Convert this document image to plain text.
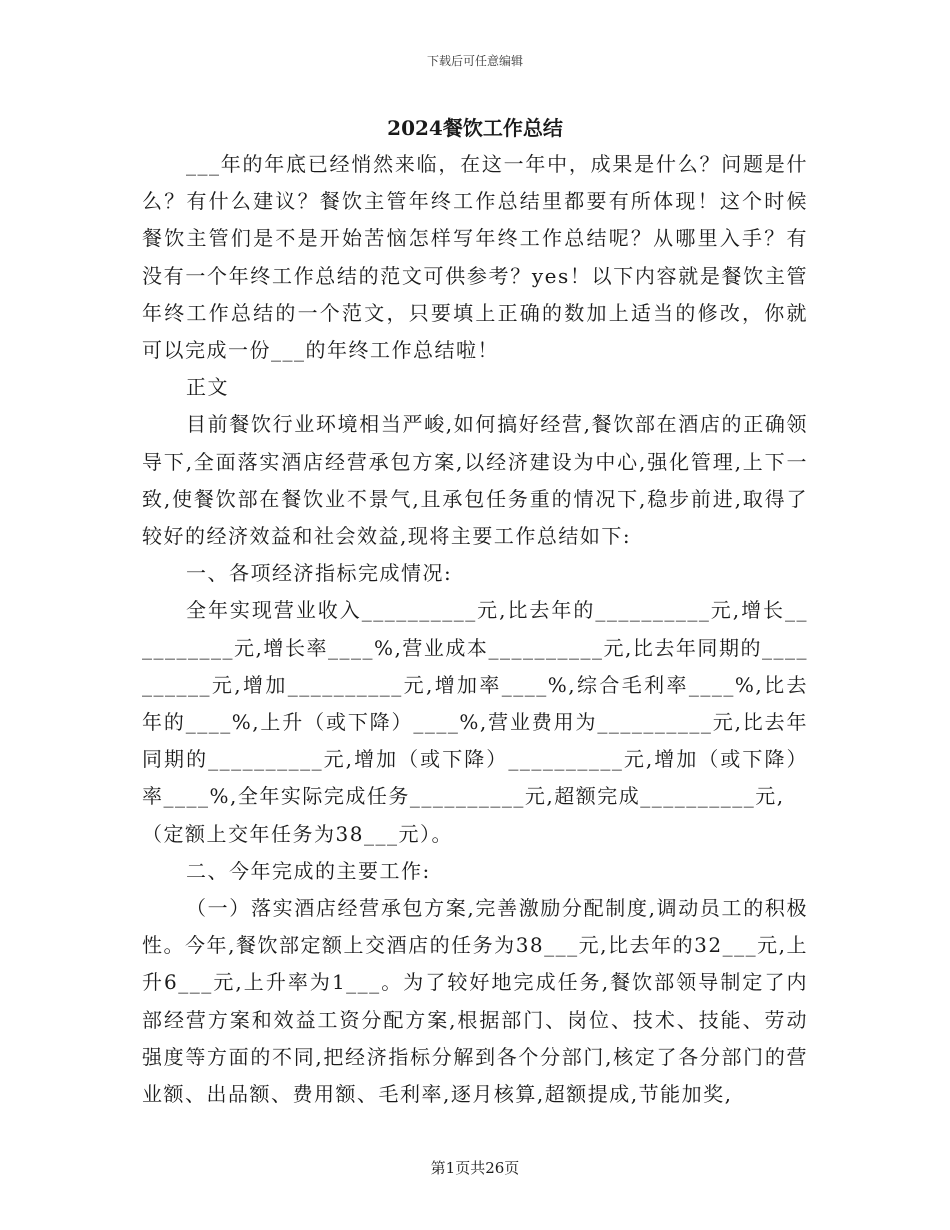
下载后可任意编辑
2024餐饮工作总结

___年的年底已经悄然来临，在这一年中，成果是什么？问题是什么？有什么建议？餐饮主管年终工作总结里都要有所体现！这个时候餐饮主管们是不是开始苦恼怎样写年终工作总结呢？从哪里入手？有没有一个年终工作总结的范文可供参考？yes！以下内容就是餐饮主管年终工作总结的一个范文，只要填上正确的数加上适当的修改，你就可以完成一份___的年终工作总结啦！

正文

目前餐饮行业环境相当严峻,如何搞好经营,餐饮部在酒店的正确领导下,全面落实酒店经营承包方案,以经济建设为中心,强化管理,上下一致,使餐饮部在餐饮业不景气,且承包任务重的情况下,稳步前进,取得了较好的经济效益和社会效益,现将主要工作总结如下:

一、各项经济指标完成情况:

全年实现营业收入__________元,比去年的__________元,增长__________元,增长率____%,营业成本__________元,比去年同期的__________元,增加__________元,增加率____%,综合毛利率____%,比去年的____%,上升（或下降）____%,营业费用为__________元,比去年同期的__________元,增加（或下降）__________元,增加（或下降）率____%,全年实际完成任务__________元,超额完成__________元,

（定额上交年任务为38___元）。

二、今年完成的主要工作:

（一）落实酒店经营承包方案,完善激励分配制度,调动员工的积极性。今年,餐饮部定额上交酒店的任务为38___元,比去年的32___元,上升6___元,上升率为1___。为了较好地完成任务,餐饮部领导制定了内部经营方案和效益工资分配方案,根据部门、岗位、技术、技能、劳动强度等方面的不同,把经济指标分解到各个分部门,核定了各分部门的营业额、出品额、费用额、毛利率,逐月核算,超额提成,节能加奖,

第1页共26页
